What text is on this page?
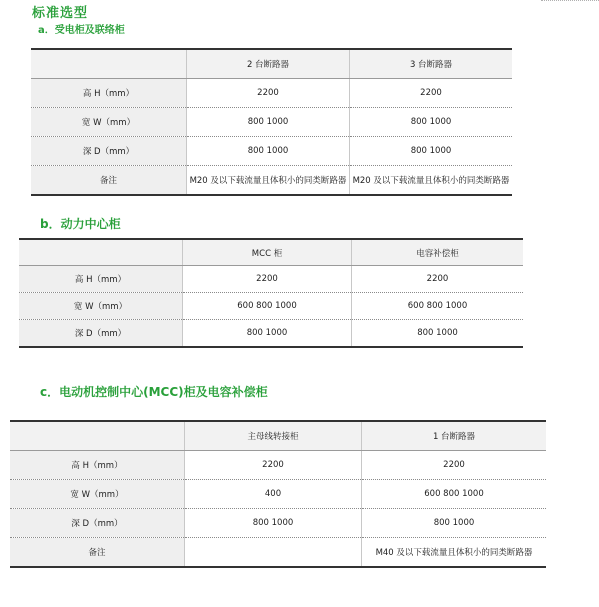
标准选型
a．受电柜及联络柜
	2 台断路器	3 台断路器
高 H（mm）	2200	2200
宽 W（mm）	800 1000	800 1000
深 D（mm）	800 1000	800 1000
备注	M20 及以下载流量且体积小的同类断路器	M20 及以下载流量且体积小的同类断路器
b．动力中心柜
	MCC 柜	电容补偿柜
高 H（mm）	2200	2200
宽 W（mm）	600 800 1000	600 800 1000
深 D（mm）	800 1000	800 1000
c．电动机控制中心(MCC)柜及电容补偿柜
	主母线转接柜	1 台断路器
高 H（mm）	2200	2200
宽 W（mm）	400	600 800 1000
深 D（mm）	800 1000	800 1000
备注		M40 及以下载流量且体积小的同类断路器
